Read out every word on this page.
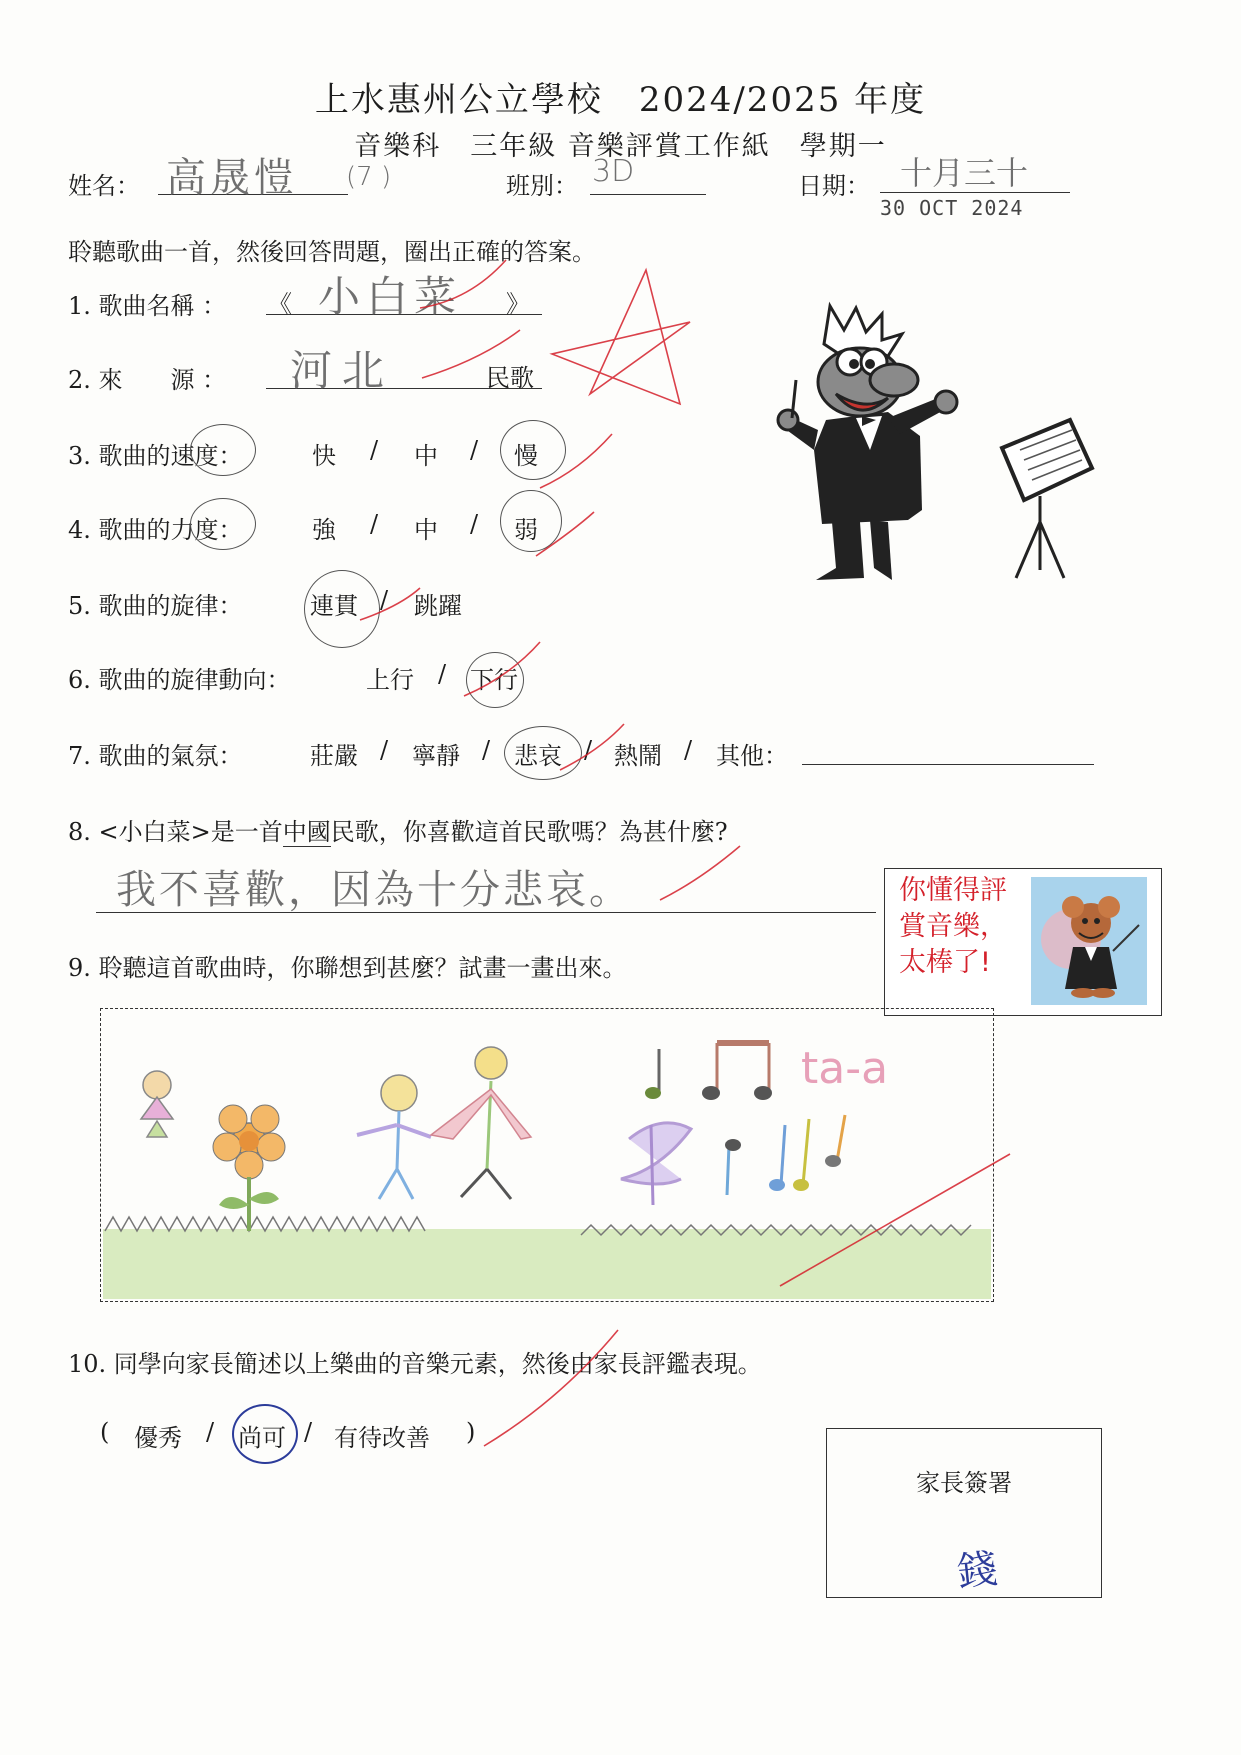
上水惠州公立學校　2024/2025 年度
音樂科　三年級 音樂評賞工作紙　學期一
姓名： 高晟愷 (7 )	班別： 3D	日期： 十月三十
30 OCT 2024
聆聽歌曲一首，然後回答問題，圈出正確的答案。
1. 歌曲名稱 ： 《 小白菜 》
2. 來　　源 ： 河北	民歌
3. 歌曲的速度：	快 / 中 / 慢
4. 歌曲的力度：	強 / 中 / 弱
5. 歌曲的旋律：	連貫 / 跳躍
6. 歌曲的旋律動向：	上行 / 下行
7. 歌曲的氣氛：	莊嚴 / 寧靜 / 悲哀 / 熱鬧 / 其他：
8. <小白菜>是一首中國民歌，你喜歡這首民歌嗎？為甚什麼?
我不喜歡，因為十分悲哀。	你懂得評
賞音樂，
太棒了!
9. 聆聽這首歌曲時，你聯想到甚麼？試畫一畫出來。
ta-a
10. 同學向家長簡述以上樂曲的音樂元素，然後由家長評鑑表現。
( 優秀 / 尚可 / 有待改善 )
家長簽署
錢
